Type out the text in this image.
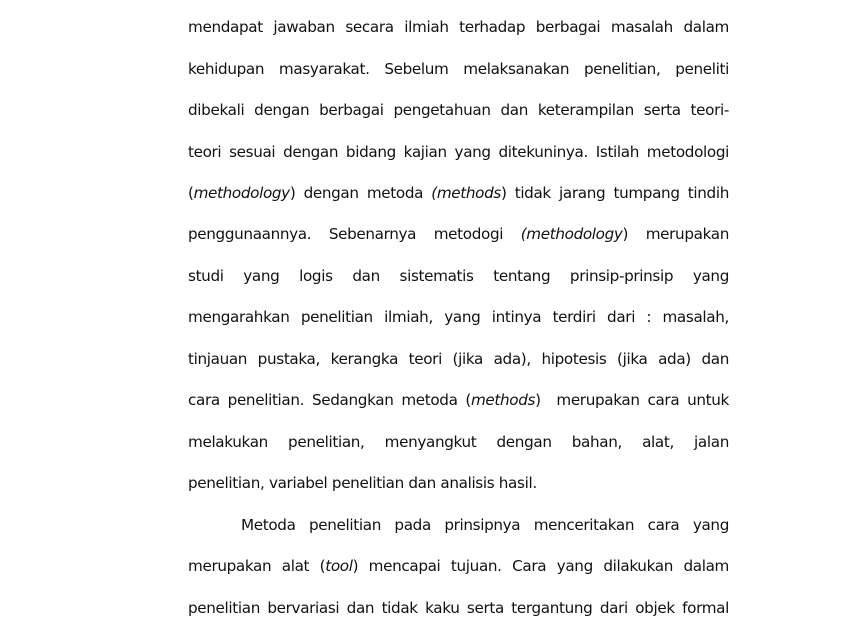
mendapat jawaban secara ilmiah terhadap berbagai masalah dalam
kehidupan masyarakat. Sebelum melaksanakan penelitian, peneliti
dibekali dengan berbagai pengetahuan dan keterampilan serta teori-
teori sesuai dengan bidang kajian yang ditekuninya. Istilah metodologi
(methodology) dengan metoda (methods) tidak jarang tumpang tindih
penggunaannya. Sebenarnya metodogi (methodology) merupakan
studi yang logis dan sistematis tentang prinsip-prinsip yang
mengarahkan penelitian ilmiah, yang intinya terdiri dari : masalah,
tinjauan pustaka, kerangka teori (jika ada), hipotesis (jika ada) dan
cara penelitian. Sedangkan metoda (methods)  merupakan cara untuk
melakukan penelitian, menyangkut dengan bahan, alat, jalan
penelitian, variabel penelitian dan analisis hasil.
Metoda penelitian pada prinsipnya menceritakan cara yang
merupakan alat (tool) mencapai tujuan. Cara yang dilakukan dalam
penelitian bervariasi dan tidak kaku serta tergantung dari objek formal
